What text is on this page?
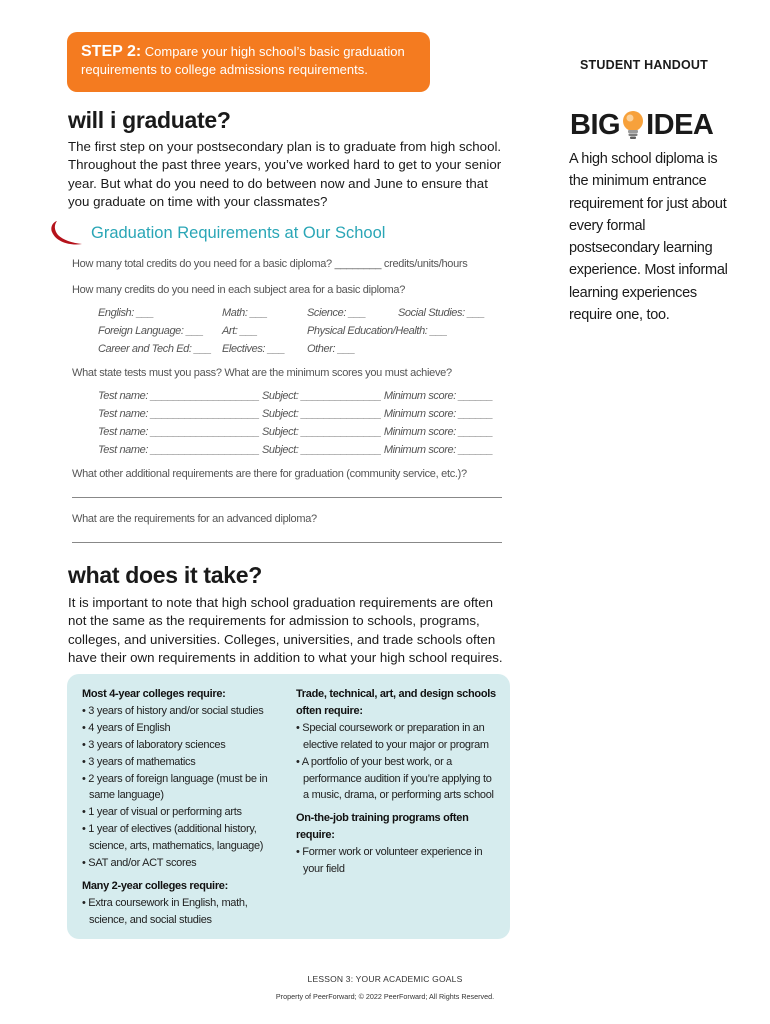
STEP 2: Compare your high school’s basic graduation
requirements to college admissions requirements.	STUDENT HANDOUT
BIG IDEA
A high school diploma is the minimum entrance requirement for just about every formal postsecondary learning experience. Most informal learning experiences require one, too.
will i graduate?

The first step on your postsecondary plan is to graduate from high school. Throughout the past three years, you’ve worked hard to get to your senior year. But what do you need to do between now and June to ensure that you graduate on time with your classmates?

Graduation Requirements at Our School
How many total credits do you need for a basic diploma? ________ credits/units/hours
How many credits do you need in each subject area for a basic diploma?
English: ___	Math: ___	Science: ___	Social Studies: ___
Foreign Language: ___ Art: ___	Physical Education/Health: ___
Career and Tech Ed: ___ Electives: ___ Other: ___
What state tests must you pass? What are the minimum scores you must achieve?
Test name: ___________________ Subject: ______________ Minimum score: ______
Test name: ___________________ Subject: ______________ Minimum score: ______
Test name: ___________________ Subject: ______________ Minimum score: ______
Test name: ___________________ Subject: ______________ Minimum score: ______
What other additional requirements are there for graduation (community service, etc.)?
What are the requirements for an advanced diploma?
what does it take?

It is important to note that high school graduation requirements are often not the same as the requirements for admission to schools, programs, colleges, and universities. Colleges, universities, and trade schools often have their own requirements in addition to what your high school requires.

Most 4-year colleges require:
• 3 years of history and/or social studies
• 4 years of English
• 3 years of laboratory sciences
• 3 years of mathematics
• 2 years of foreign language (must be in same language)
• 1 year of visual or performing arts
• 1 year of electives (additional history, science, arts, mathematics, language)
• SAT and/or ACT scores
Many 2-year colleges require:
• Extra coursework in English, math, science, and social studies
Trade, technical, art, and design schools often require:
• Special coursework or preparation in an elective related to your major or program
• A portfolio of your best work, or a performance audition if you’re applying to a music, drama, or performing arts school
On-the-job training programs often require:
• Former work or volunteer experience in your field
LESSON 3: YOUR ACADEMIC GOALS
Property of PeerForward; © 2022 PeerForward; All Rights Reserved.
